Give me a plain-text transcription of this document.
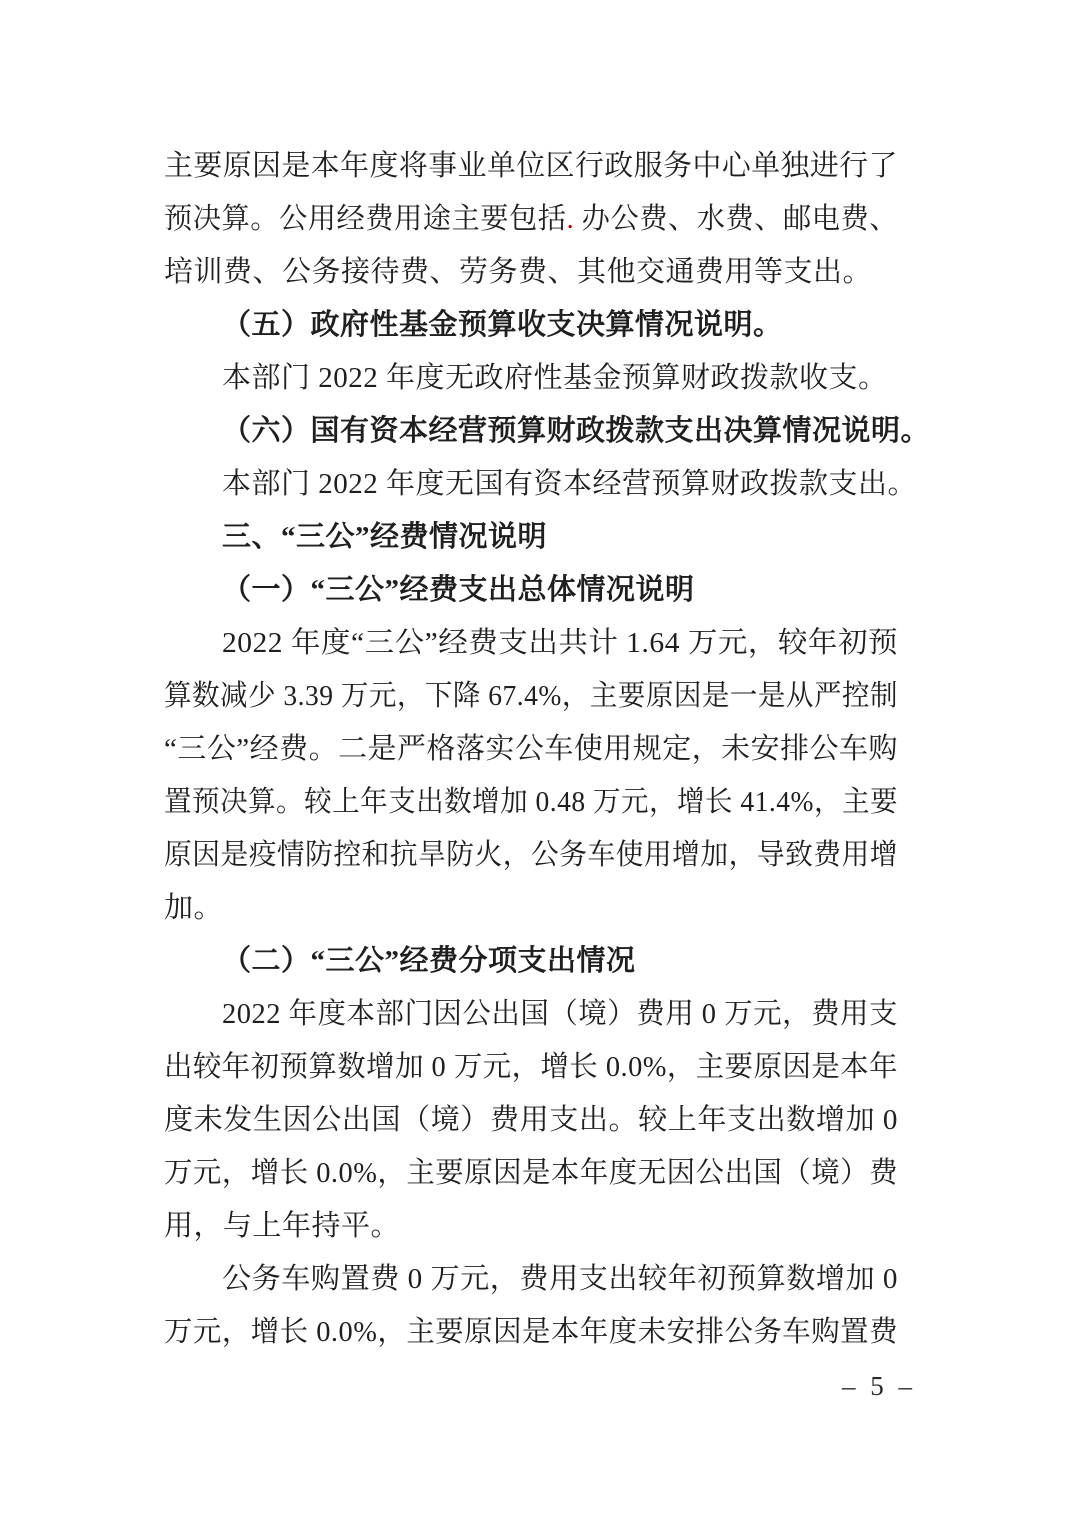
主要原因是本年度将事业单位区行政服务中心单独进行了
预决算。公用经费用途主要包括. 办公费、水费、邮电费、
培训费、公务接待费、劳务费、其他交通费用等支出。
（五）政府性基金预算收支决算情况说明。
本部门 2022 年度无政府性基金预算财政拨款收支。
（六）国有资本经营预算财政拨款支出决算情况说明。
本部门 2022 年度无国有资本经营预算财政拨款支出。
三、“三公”经费情况说明
（一）“三公”经费支出总体情况说明
2022 年度“三公”经费支出共计 1.64 万元，较年初预
算数减少 3.39 万元，下降 67.4%，主要原因是一是从严控制
“三公”经费。二是严格落实公车使用规定，未安排公车购
置预决算。较上年支出数增加 0.48 万元，增长 41.4%，主要
原因是疫情防控和抗旱防火，公务车使用增加，导致费用增
加。
（二）“三公”经费分项支出情况
2022 年度本部门因公出国（境）费用 0 万元，费用支
出较年初预算数增加 0 万元，增长 0.0%，主要原因是本年
度未发生因公出国（境）费用支出。较上年支出数增加 0
万元，增长 0.0%，主要原因是本年度无因公出国（境）费
用，与上年持平。
公务车购置费 0 万元，费用支出较年初预算数增加 0
万元，增长 0.0%，主要原因是本年度未安排公务车购置费
– 5 –
